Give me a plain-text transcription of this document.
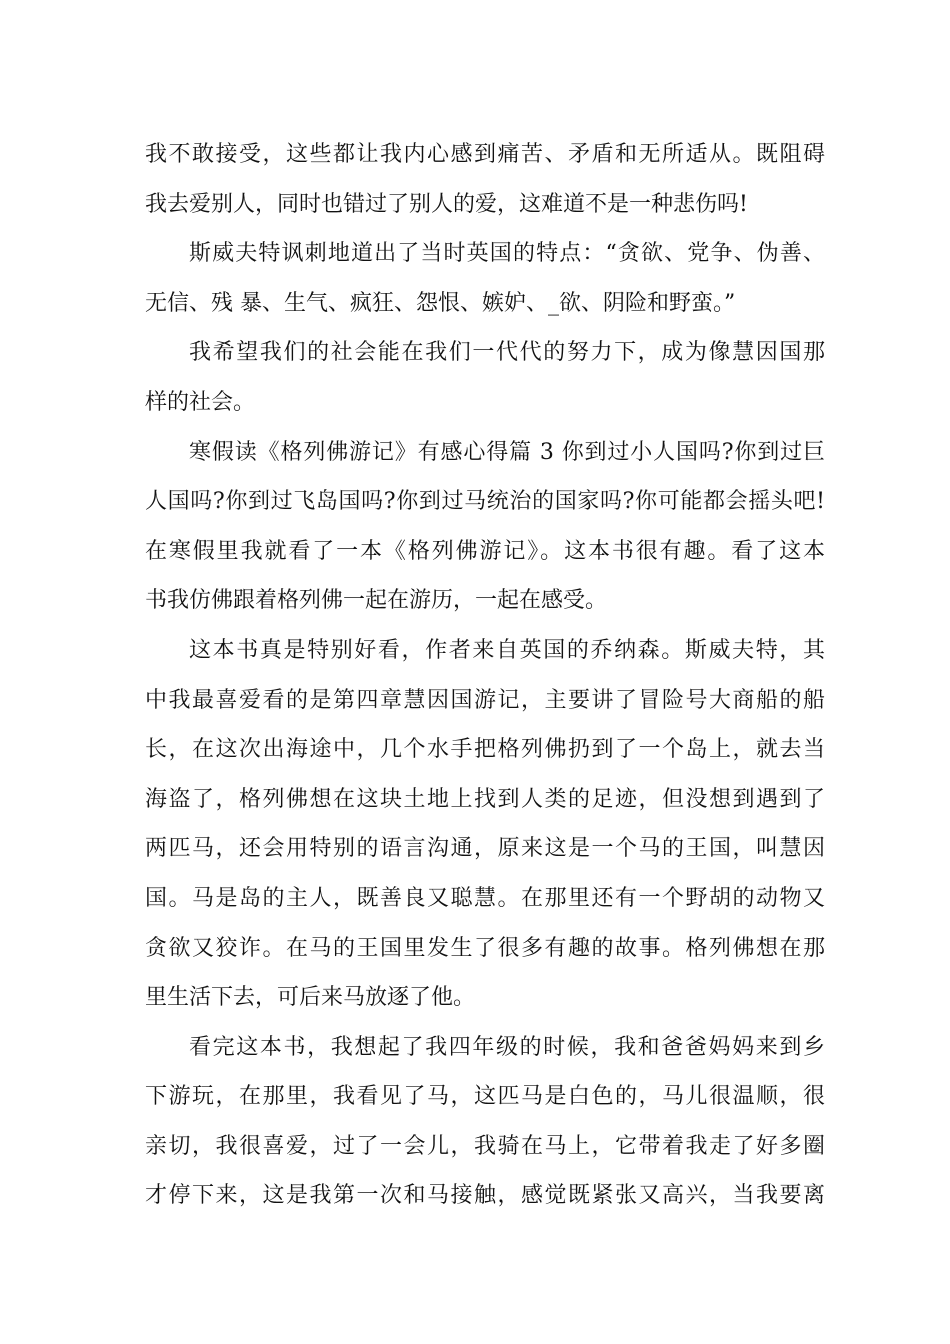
我不敢接受，这些都让我内心感到痛苦、矛盾和无所适从。既阻碍
我去爱别人，同时也错过了别人的爱，这难道不是一种悲伤吗!
斯威夫特讽刺地道出了当时英国的特点：“贪欲、党争、伪善、
无信、残 暴、生气、疯狂、怨恨、嫉妒、_欲、阴险和野蛮。”
我希望我们的社会能在我们一代代的努力下，成为像慧因国那
样的社会。
寒假读《格列佛游记》有感心得篇 3 你到过小人国吗?你到过巨
人国吗?你到过飞岛国吗?你到过马统治的国家吗?你可能都会摇头吧!
在寒假里我就看了一本《格列佛游记》。这本书很有趣。看了这本
书我仿佛跟着格列佛一起在游历，一起在感受。
这本书真是特别好看，作者来自英国的乔纳森。斯威夫特，其
中我最喜爱看的是第四章慧因国游记，主要讲了冒险号大商船的船
长，在这次出海途中，几个水手把格列佛扔到了一个岛上，就去当
海盗了，格列佛想在这块土地上找到人类的足迹，但没想到遇到了
两匹马，还会用特别的语言沟通，原来这是一个马的王国，叫慧因
国。马是岛的主人，既善良又聪慧。在那里还有一个野胡的动物又
贪欲又狡诈。在马的王国里发生了很多有趣的故事。格列佛想在那
里生活下去，可后来马放逐了他。
看完这本书，我想起了我四年级的时候，我和爸爸妈妈来到乡
下游玩，在那里，我看见了马，这匹马是白色的，马儿很温顺，很
亲切，我很喜爱，过了一会儿，我骑在马上，它带着我走了好多圈
才停下来，这是我第一次和马接触，感觉既紧张又高兴，当我要离
